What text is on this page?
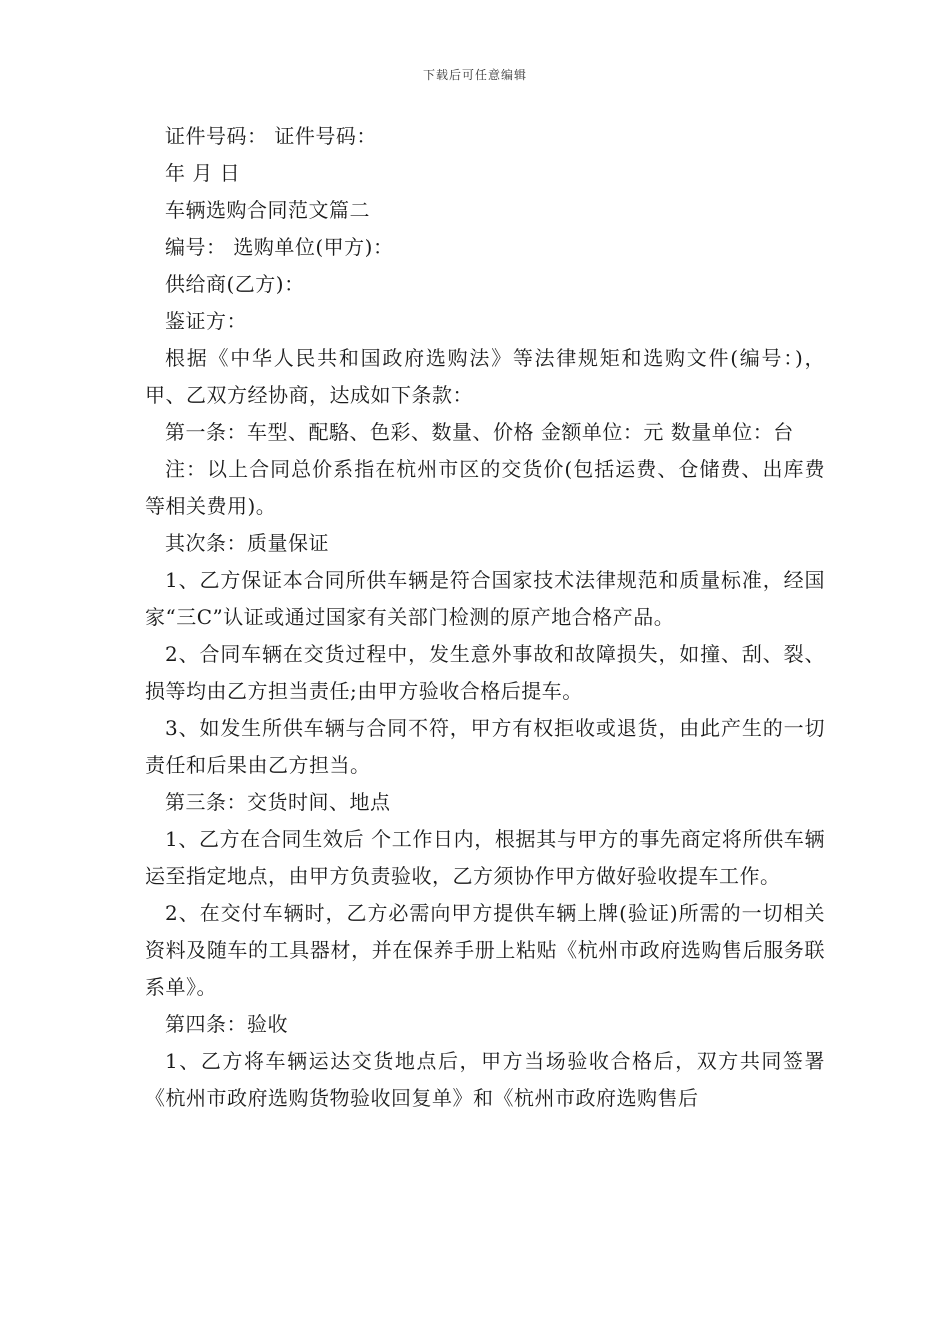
下载后可任意编辑

证件号码： 证件号码：

年 月 日

车辆选购合同范文篇二

编号： 选购单位(甲方)：

供给商(乙方)：

鉴证方：

根据《中华人民共和国政府选购法》等法律规矩和选购文件(编号：)，甲、乙双方经协商，达成如下条款：

第一条：车型、配駱、色彩、数量、价格 金额单位：元 数量单位：台

注：以上合同总价系指在杭州市区的交货价(包括运费、仓储费、出库费等相关费用)。

其次条：质量保证

1、乙方保证本合同所供车辆是符合国家技术法律规范和质量标准，经国家“三C”认证或通过国家有关部门检测的原产地合格产品。

2、合同车辆在交货过程中，发生意外事故和故障损失，如撞、刮、裂、损等均由乙方担当责任;由甲方验收合格后提车。

3、如发生所供车辆与合同不符，甲方有权拒收或退货，由此产生的一切责任和后果由乙方担当。

第三条：交货时间、地点

1、乙方在合同生效后 个工作日内，根据其与甲方的事先商定将所供车辆运至指定地点，由甲方负责验收，乙方须协作甲方做好验收提车工作。

2、在交付车辆时，乙方必需向甲方提供车辆上牌(验证)所需的一切相关资料及随车的工具器材，并在保养手册上粘贴《杭州市政府选购售后服务联系单》。

第四条：验收

1、乙方将车辆运达交货地点后，甲方当场验收合格后，双方共同签署《杭州市政府选购货物验收回复单》和《杭州市政府选购售后
